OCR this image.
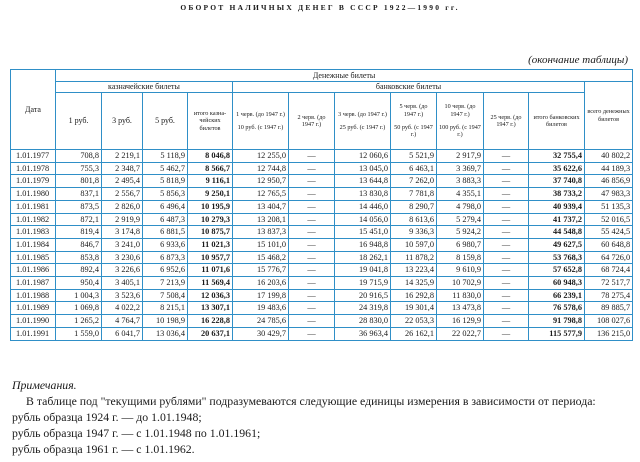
ОБОРОТ НАЛИЧНЫХ ДЕНЕГ В СССР 1922—1990 гг.
(окончание таблицы)
Дата	Денежные билеты											
	казначейские билеты				банковские билеты							всего денежных билетов
	1 руб.	3 руб.	5 руб.	итого казна- чейских билетов	1 черв. (до 1947 г.)
10 руб. (с 1947 г.)	2 черв. (до 1947 г.)	3 черв. (до 1947 г.)
25 руб. (с 1947 г.)	5 черв. (до 1947 г.)
50 руб. (с 1947 г.)	10 черв. (до 1947 г.)
100 руб. (с 1947 г.)	25 черв. (до 1947 г.)	итого банковских билетов	
1.01.1977	708,8	2 219,1	5 118,9	8 046,8	12 255,0	—	12 060,6	5 521,9	2 917,9	—	32 755,4	40 802,2
1.01.1978	755,3	2 348,7	5 462,7	8 566,7	12 744,8	—	13 045,0	6 463,1	3 369,7	—	35 622,6	44 189,3
1.01.1979	801,8	2 495,4	5 818,9	9 116,1	12 950,7	—	13 644,8	7 262,0	3 883,3	—	37 740,8	46 856,9
1.01.1980	837,1	2 556,7	5 856,3	9 250,1	12 765,5	—	13 830,8	7 781,8	4 355,1	—	38 733,2	47 983,3
1.01.1981	873,5	2 826,0	6 496,4	10 195,9	13 404,7	—	14 446,0	8 290,7	4 798,0	—	40 939,4	51 135,3
1.01.1982	872,1	2 919,9	6 487,3	10 279,3	13 208,1	—	14 056,0	8 613,6	5 279,4	—	41 737,2	52 016,5
1.01.1983	819,4	3 174,8	6 881,5	10 875,7	13 837,3	—	15 451,0	9 336,3	5 924,2	—	44 548,8	55 424,5
1.01.1984	846,7	3 241,0	6 933,6	11 021,3	15 101,0	—	16 948,8	10 597,0	6 980,7	—	49 627,5	60 648,8
1.01.1985	853,8	3 230,6	6 873,3	10 957,7	15 468,2	—	18 262,1	11 878,2	8 159,8	—	53 768,3	64 726,0
1.01.1986	892,4	3 226,6	6 952,6	11 071,6	15 776,7	—	19 041,8	13 223,4	9 610,9	—	57 652,8	68 724,4
1.01.1987	950,4	3 405,1	7 213,9	11 569,4	16 203,6	—	19 715,9	14 325,9	10 702,9	—	60 948,3	72 517,7
1.01.1988	1 004,3	3 523,6	7 508,4	12 036,3	17 199,8	—	20 916,5	16 292,8	11 830,0	—	66 239,1	78 275,4
1.01.1989	1 069,8	4 022,2	8 215,1	13 307,1	19 483,6	—	24 319,8	19 301,4	13 473,8	—	76 578,6	89 885,7
1.01.1990	1 265,2	4 764,7	10 198,9	16 228,8	24 785,6	—	28 830,0	22 053,3	16 129,9	—	91 798,8	108 027,6
1.01.1991	1 559,0	6 041,7	13 036,4	20 637,1	30 429,7	—	36 963,4	26 162,1	22 022,7	—	115 577,9	136 215,0
Примечания.
В таблице под "текущими рублями" подразумеваются следующие единицы измерения в зависимости от периода:
рубль образца 1924 г. — до 1.01.1948;
рубль образца 1947 г. — с 1.01.1948 по 1.01.1961;
рубль образца 1961 г. — с 1.01.1962.
